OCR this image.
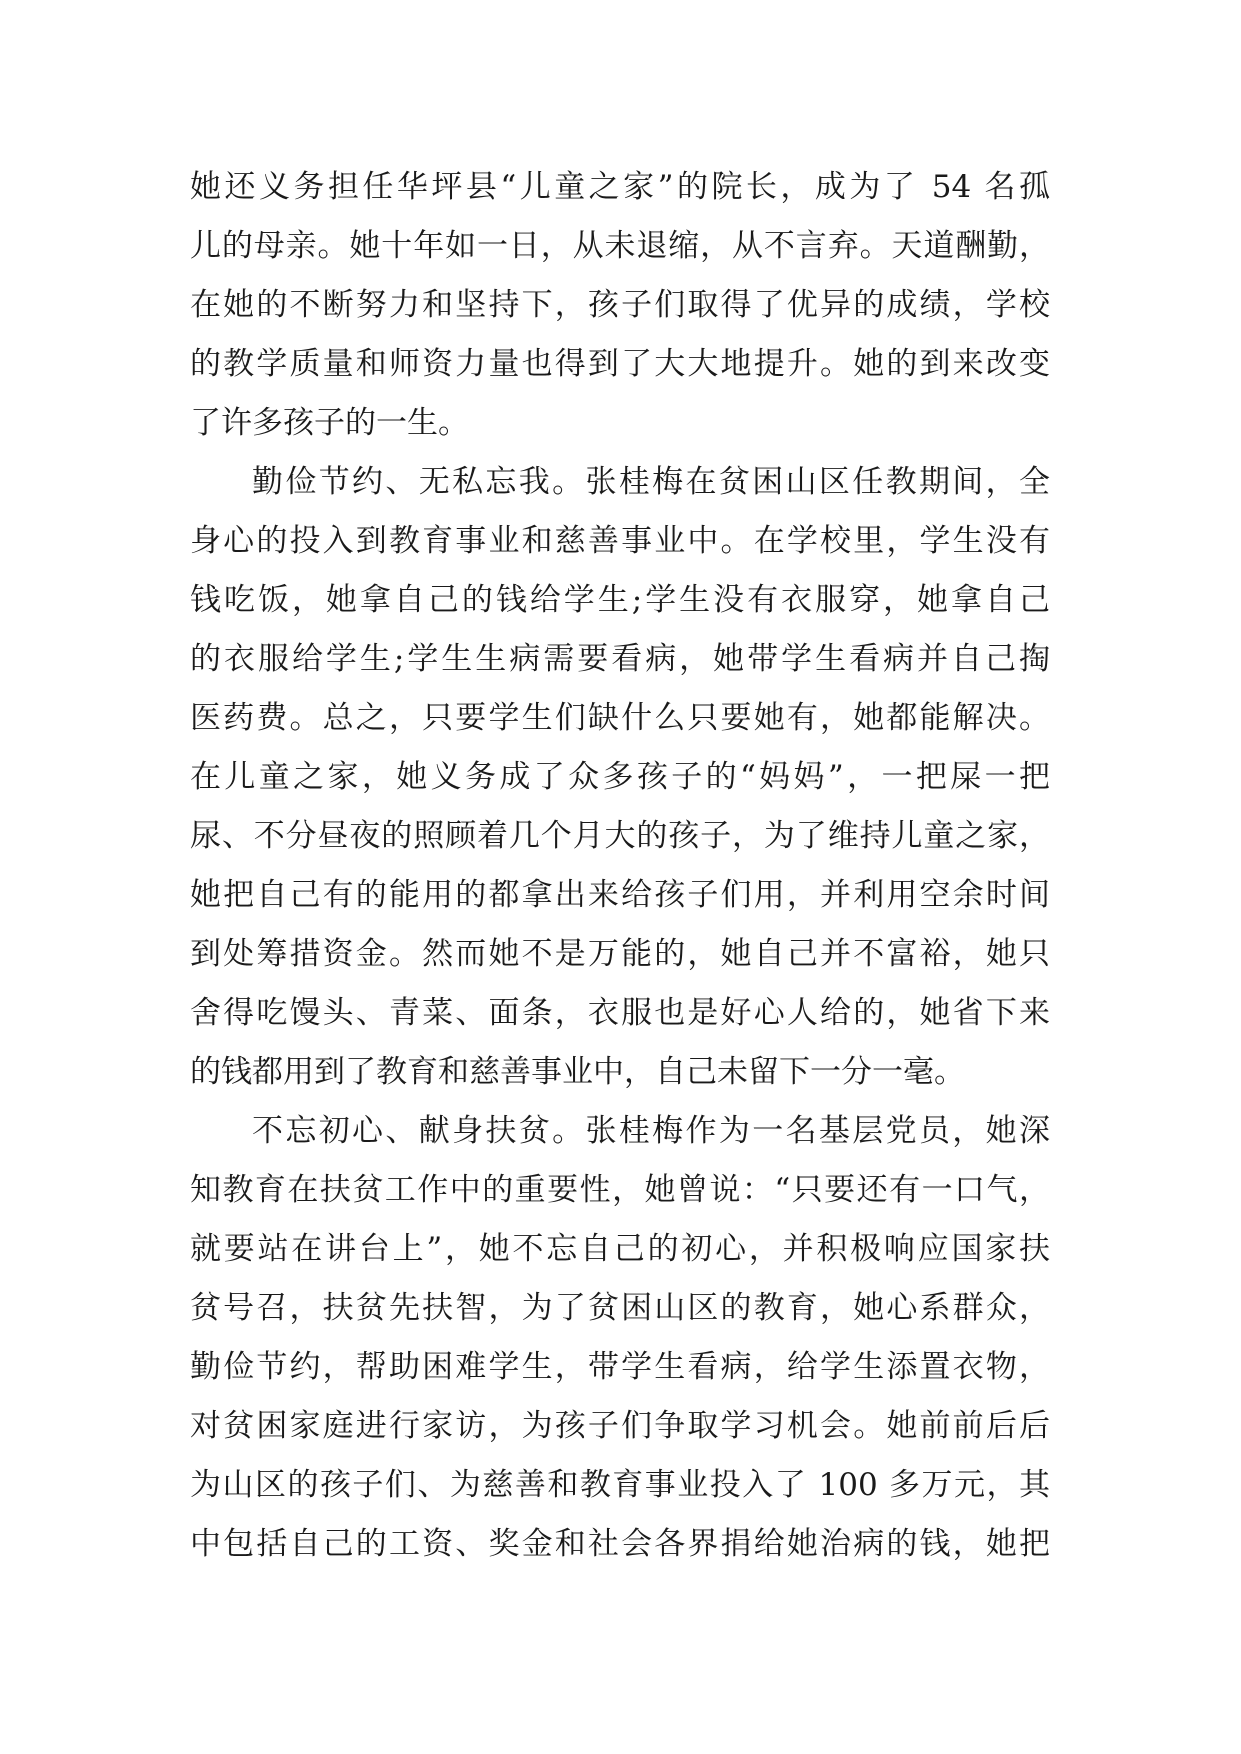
她还义务担任华坪县“儿童之家”的院长，成为了 54 名孤
儿的母亲。她十年如一日，从未退缩，从不言弃。天道酬勤，
在她的不断努力和坚持下，孩子们取得了优异的成绩，学校
的教学质量和师资力量也得到了大大地提升。她的到来改变
了许多孩子的一生。
勤俭节约、无私忘我。张桂梅在贫困山区任教期间，全
身心的投入到教育事业和慈善事业中。在学校里，学生没有
钱吃饭，她拿自己的钱给学生;学生没有衣服穿，她拿自己
的衣服给学生;学生生病需要看病，她带学生看病并自己掏
医药费。总之，只要学生们缺什么只要她有，她都能解决。
在儿童之家，她义务成了众多孩子的“妈妈”，一把屎一把
尿、不分昼夜的照顾着几个月大的孩子，为了维持儿童之家，
她把自己有的能用的都拿出来给孩子们用，并利用空余时间
到处筹措资金。然而她不是万能的，她自己并不富裕，她只
舍得吃馒头、青菜、面条，衣服也是好心人给的，她省下来
的钱都用到了教育和慈善事业中，自己未留下一分一毫。
不忘初心、献身扶贫。张桂梅作为一名基层党员，她深
知教育在扶贫工作中的重要性，她曾说：“只要还有一口气，
就要站在讲台上”，她不忘自己的初心，并积极响应国家扶
贫号召，扶贫先扶智，为了贫困山区的教育，她心系群众，
勤俭节约，帮助困难学生，带学生看病，给学生添置衣物，
对贫困家庭进行家访，为孩子们争取学习机会。她前前后后
为山区的孩子们、为慈善和教育事业投入了 100 多万元，其
中包括自己的工资、奖金和社会各界捐给她治病的钱，她把
